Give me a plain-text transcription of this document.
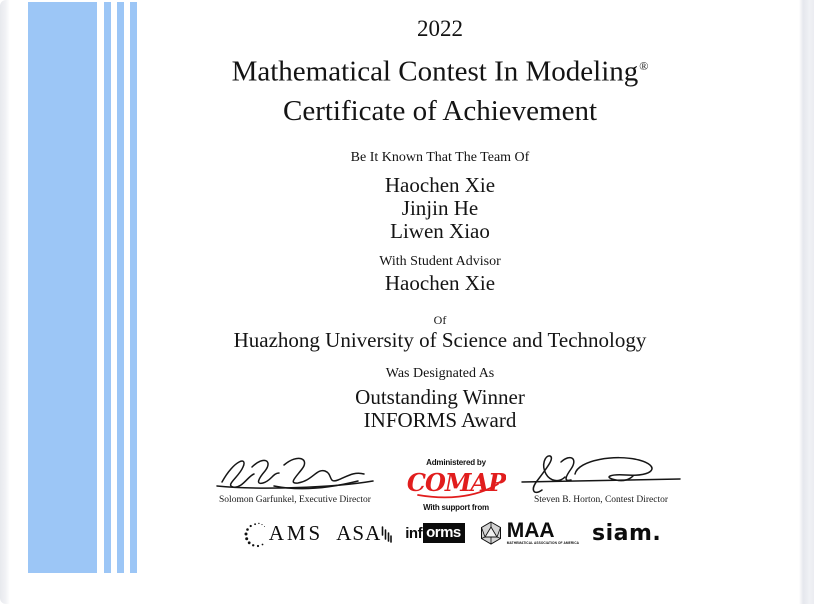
2022
Mathematical Contest In Modeling®
Certificate of Achievement
Be It Known That The Team Of
Haochen Xie
Jinjin He
Liwen Xiao
With Student Advisor
Haochen Xie
Of
Huazhong University of Science and Technology
Was Designated As
Outstanding Winner
INFORMS Award
Solomon Garfunkel, Executive Director
Administered by
COMAP
With support from
Steven B. Horton, Contest Director
AMS ASA inf orms MAA
MATHEMATICAL ASSOCIATION OF AMERICA siam.
